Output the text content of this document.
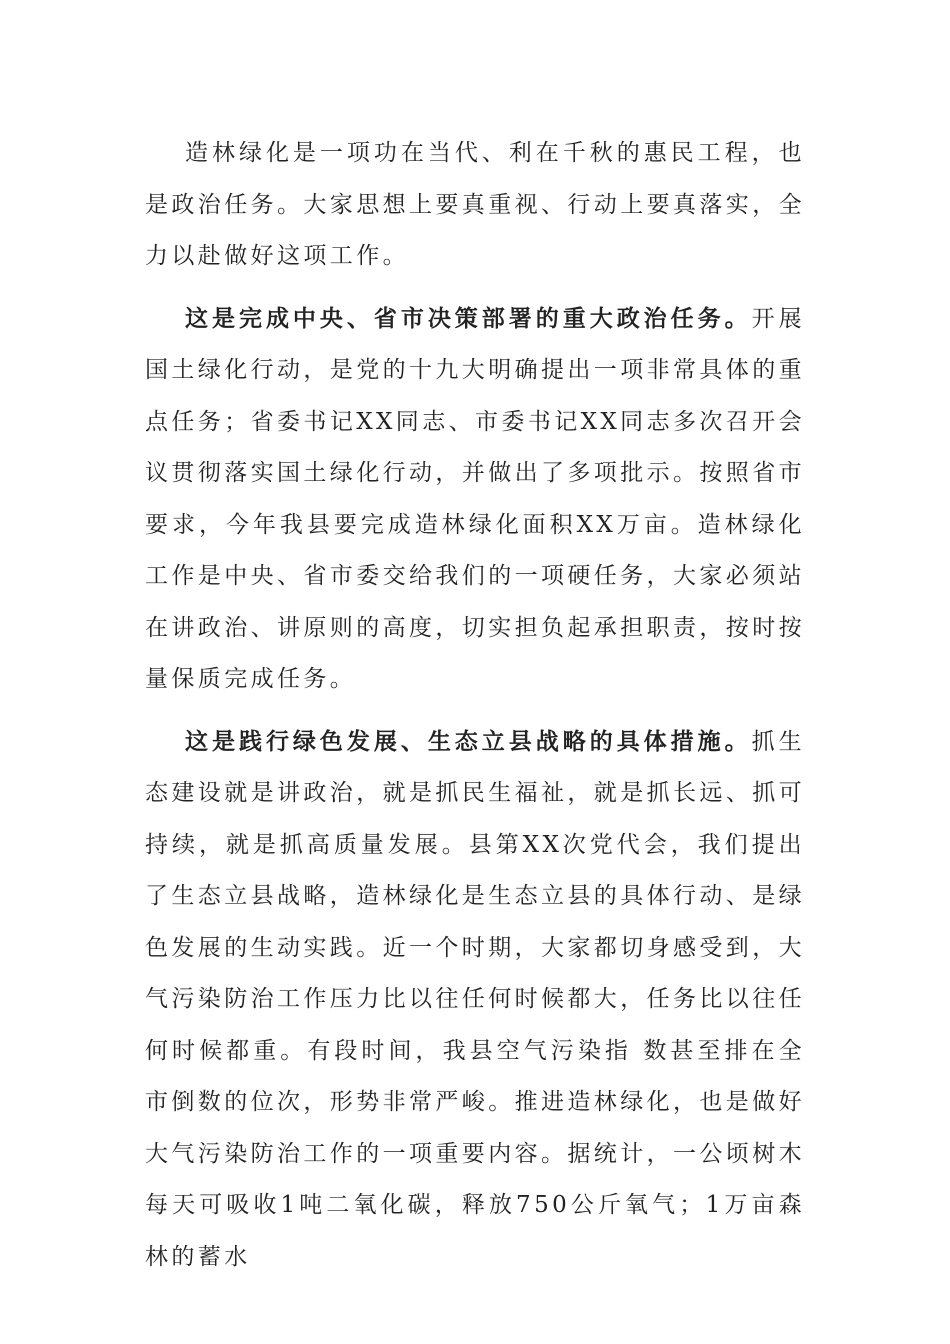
造林绿化是一项功在当代、利在千秋的惠民工程，也是政治任务。大家思想上要真重视、行动上要真落实，全力以赴做好这项工作。

这是完成中央、省市决策部署的重大政治任务。开展国土绿化行动，是党的十九大明确提出一项非常具体的重点任务；省委书记XX同志、市委书记XX同志多次召开会议贯彻落实国土绿化行动，并做出了多项批示。按照省市要求，今年我县要完成造林绿化面积XX万亩。造林绿化工作是中央、省市委交给我们的一项硬任务，大家必须站在讲政治、讲原则的高度，切实担负起承担职责，按时按量保质完成任务。

这是践行绿色发展、生态立县战略的具体措施。抓生态建设就是讲政治，就是抓民生福祉，就是抓长远、抓可持续，就是抓高质量发展。县第XX次党代会，我们提出了生态立县战略，造林绿化是生态立县的具体行动、是绿色发展的生动实践。近一个时期，大家都切身感受到，大气污染防治工作压力比以往任何时候都大，任务比以往任何时候都重。有段时间，我县空气污染指 数甚至排在全市倒数的位次，形势非常严峻。推进造林绿化，也是做好大气污染防治工作的一项重要内容。据统计，一公顷树木每天可吸收1吨二氧化碳，释放750公斤氧气；1万亩森林的蓄水
